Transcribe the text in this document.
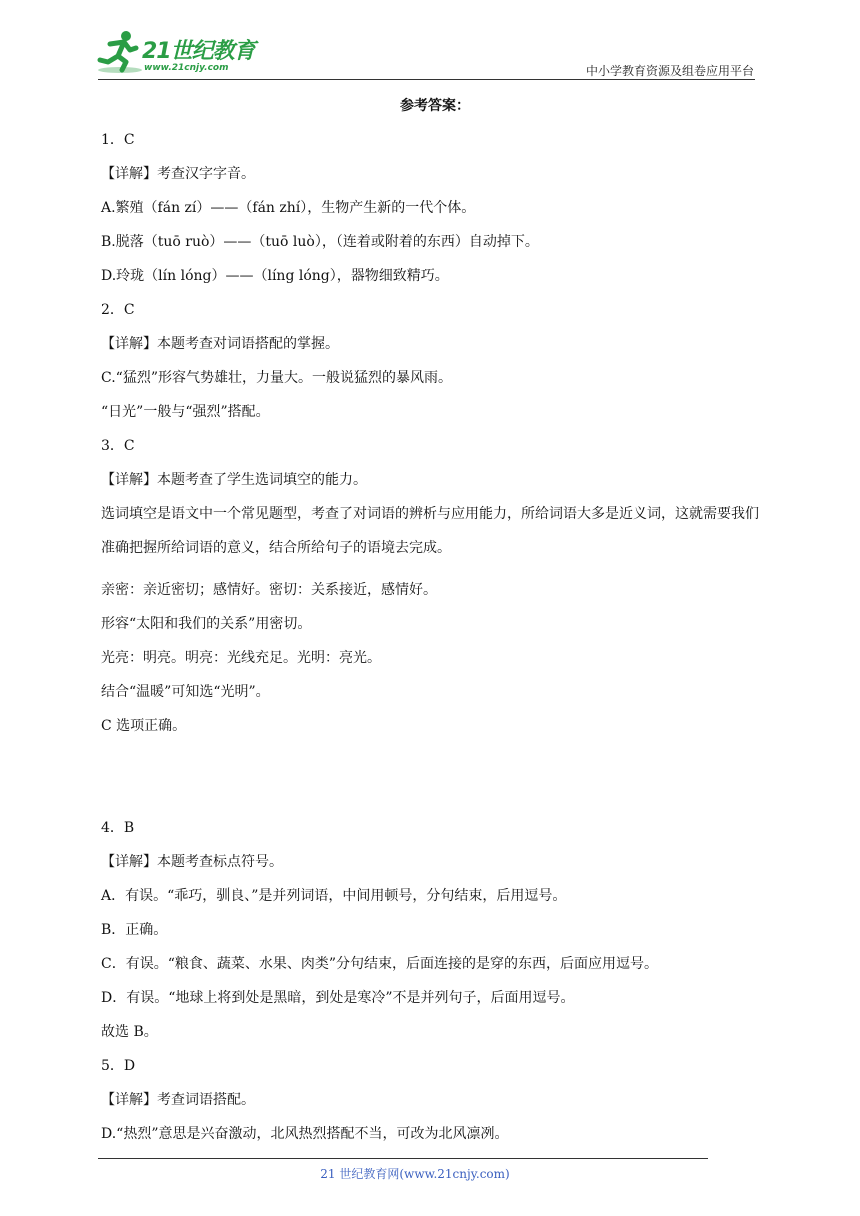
21世纪教育
www.21cnjy.com	中小学教育资源及组卷应用平台
参考答案：
1．C
【详解】考查汉字字音。
A.繁殖（fán zí）——（fán zhí），生物产生新的一代个体。
B.脱落（tuō ruò）——（tuō luò），（连着或附着的东西）自动掉下。
D.玲珑（lín lóng）——（líng lóng），器物细致精巧。
2．C
【详解】本题考查对词语搭配的掌握。
C.“猛烈”形容气势雄壮，力量大。一般说猛烈的暴风雨。
“日光”一般与“强烈”搭配。
3．C
【详解】本题考查了学生选词填空的能力。
选词填空是语文中一个常见题型，考查了对词语的辨析与应用能力，所给词语大多是近义词，这就需要我们准确把握所给词语的意义，结合所给句子的语境去完成。
亲密：亲近密切；感情好。密切：关系接近，感情好。
形容“太阳和我们的关系”用密切。
光亮：明亮。明亮：光线充足。光明：亮光。
结合“温暖”可知选“光明”。
C 选项正确。
4．B
【详解】本题考查标点符号。
A．有误。“乖巧，驯良、”是并列词语，中间用顿号，分句结束，后用逗号。
B．正确。
C．有误。“粮食、蔬菜、水果、肉类”分句结束，后面连接的是穿的东西，后面应用逗号。
D．有误。“地球上将到处是黑暗，到处是寒冷”不是并列句子，后面用逗号。
故选 B。
5．D
【详解】考查词语搭配。
D.“热烈”意思是兴奋激动，北风热烈搭配不当，可改为北风凛冽。
21 世纪教育网(www.21cnjy.com)
